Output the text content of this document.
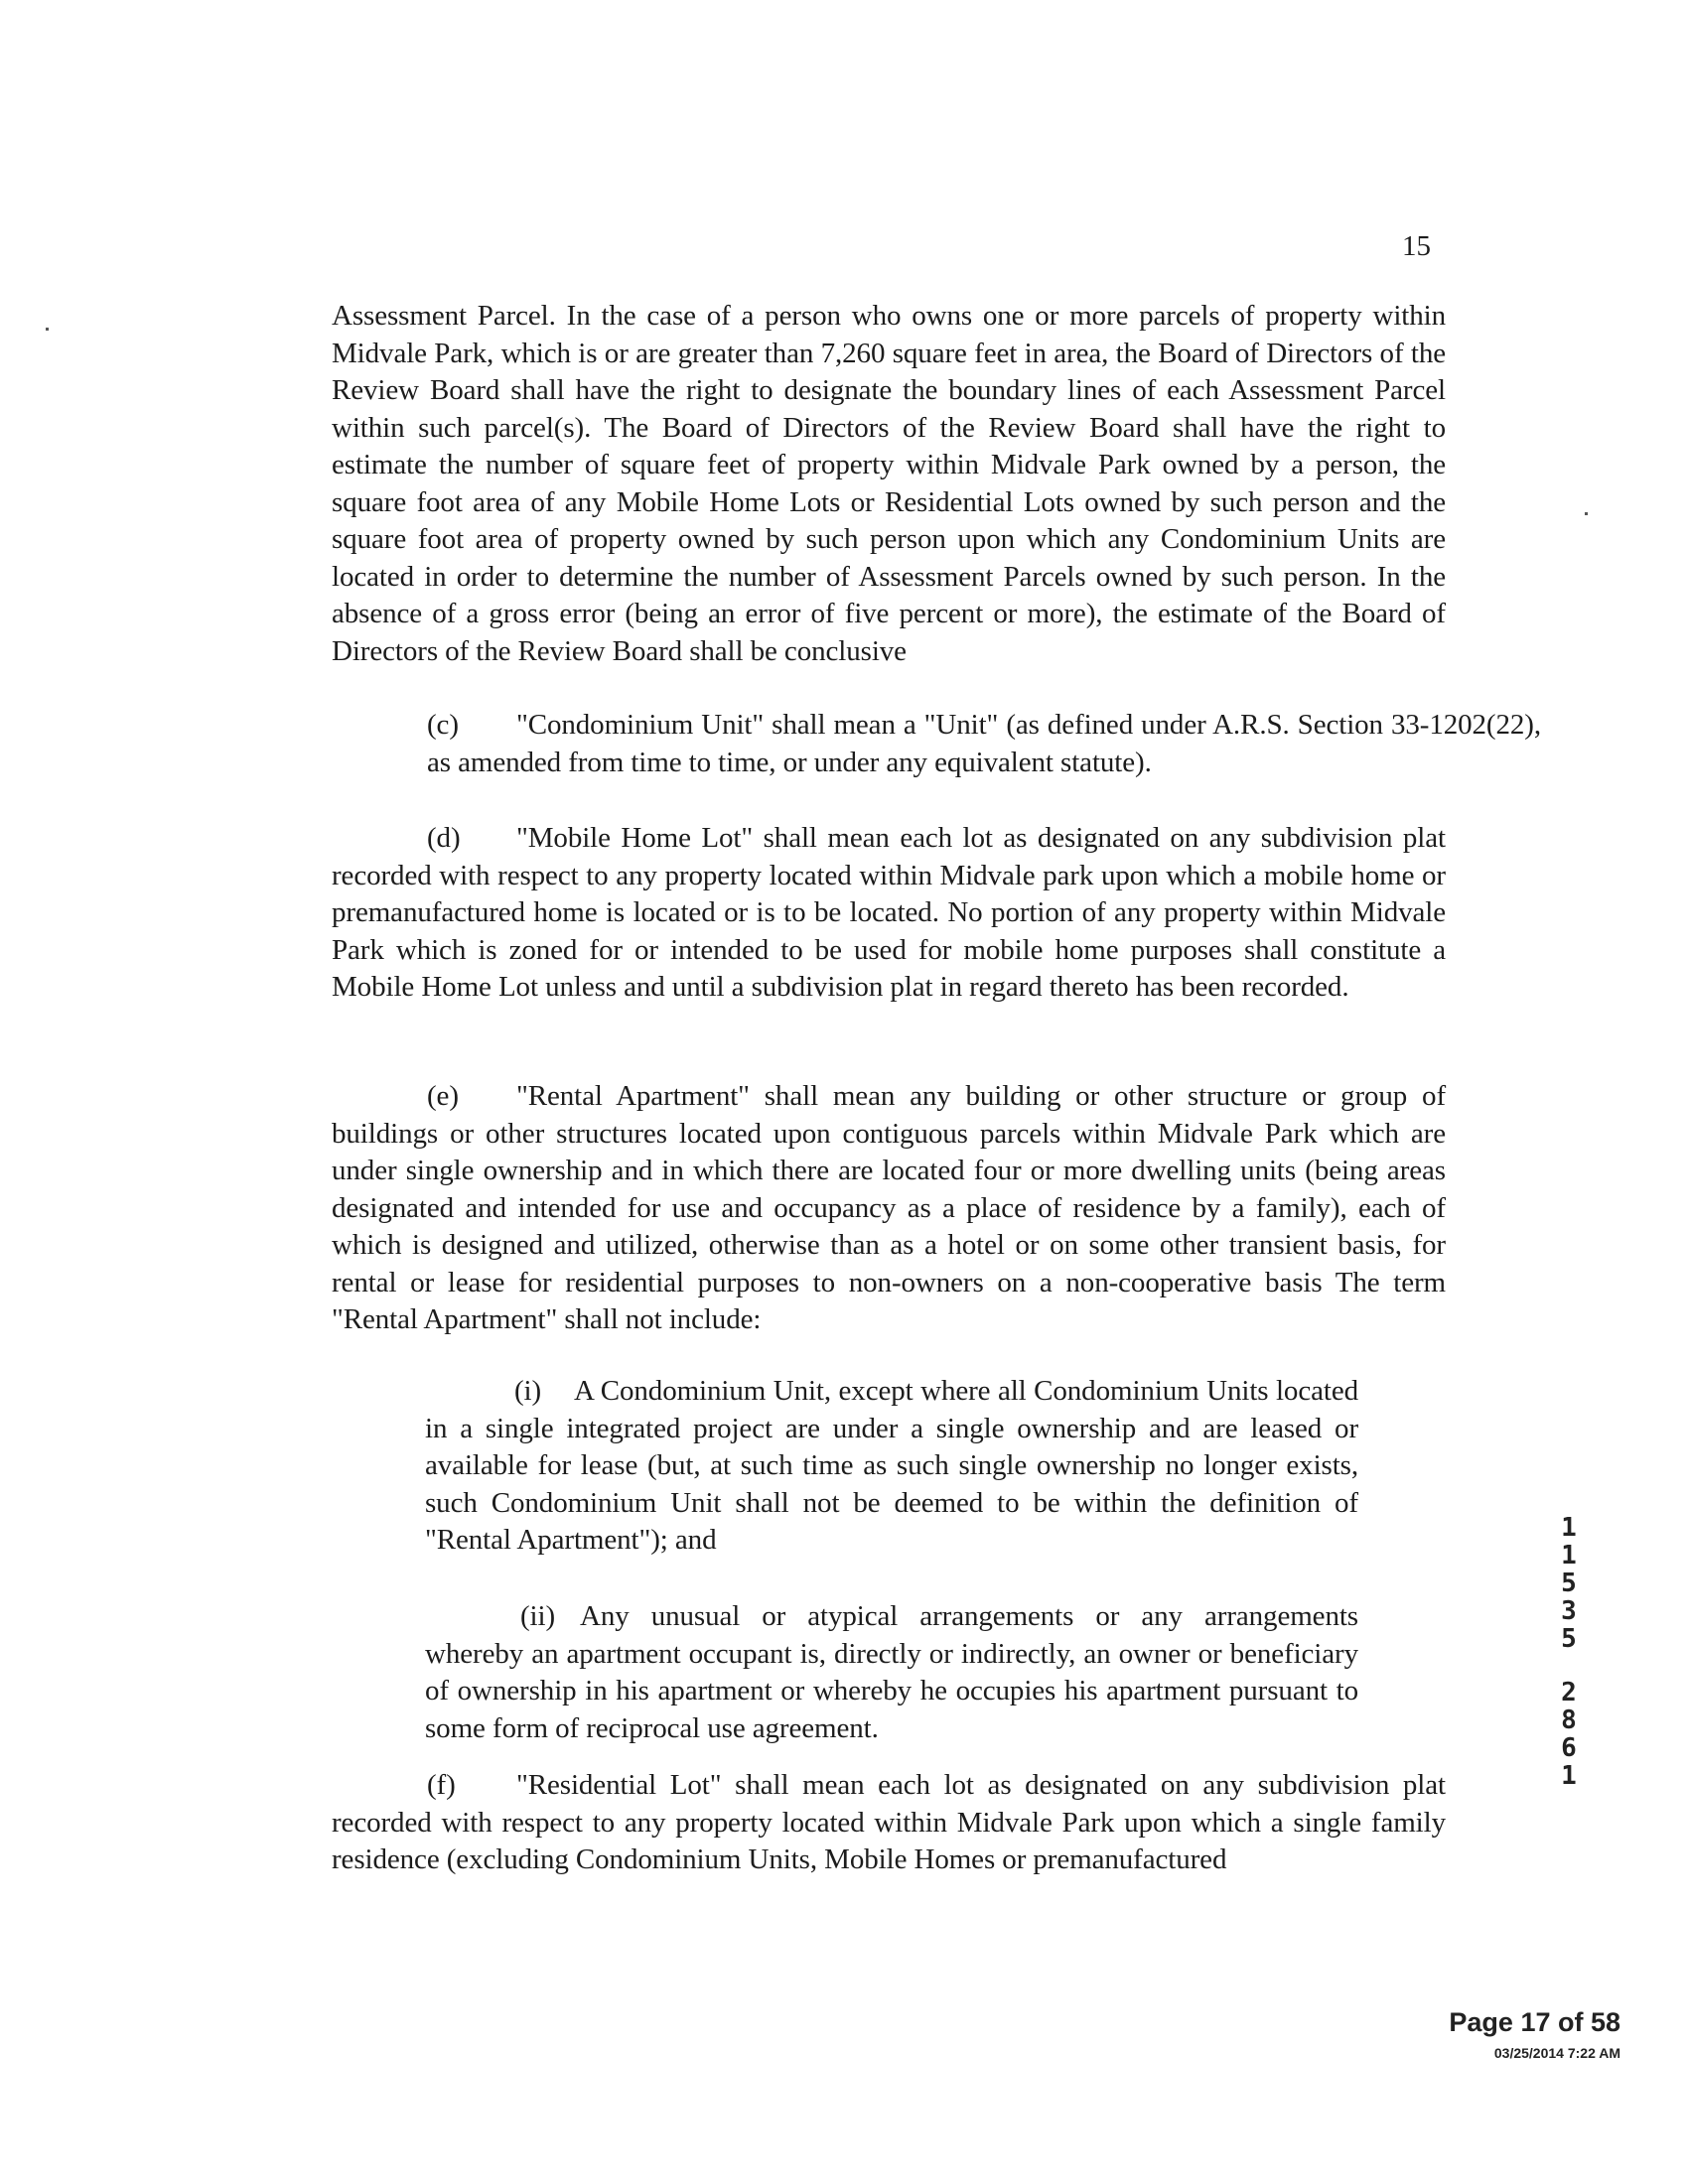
15
Assessment Parcel. In the case of a person who owns one or more parcels of property within Midvale Park, which is or are greater than 7,260 square feet in area, the Board of Directors of the Review Board shall have the right to designate the boundary lines of each Assessment Parcel within such parcel(s). The Board of Directors of the Review Board shall have the right to estimate the number of square feet of property within Midvale Park owned by a person, the square foot area of any Mobile Home Lots or Residential Lots owned by such person and the square foot area of property owned by such person upon which any Condominium Units are located in order to determine the number of Assessment Parcels owned by such person. In the absence of a gross error (being an error of five percent or more), the estimate of the Board of Directors of the Review Board shall be conclusive
(c) "Condominium Unit" shall mean a "Unit" (as defined under A.R.S. Section 33-1202(22), as amended from time to time, or under any equivalent statute).
(d) "Mobile Home Lot" shall mean each lot as designated on any subdivision plat recorded with respect to any property located within Midvale park upon which a mobile home or premanufactured home is located or is to be located. No portion of any property within Midvale Park which is zoned for or intended to be used for mobile home purposes shall constitute a Mobile Home Lot unless and until a subdivision plat in regard thereto has been recorded.
(e) "Rental Apartment" shall mean any building or other structure or group of buildings or other structures located upon contiguous parcels within Midvale Park which are under single ownership and in which there are located four or more dwelling units (being areas designated and intended for use and occupancy as a place of residence by a family), each of which is designed and utilized, otherwise than as a hotel or on some other transient basis, for rental or lease for residential purposes to non-owners on a non-cooperative basis The term "Rental Apartment" shall not include:
(i) A Condominium Unit, except where all Condominium Units located in a single integrated project are under a single ownership and are leased or available for lease (but, at such time as such single ownership no longer exists, such Condominium Unit shall not be deemed to be within the definition of "Rental Apartment"); and
(ii) Any unusual or atypical arrangements or any arrangements whereby an apartment occupant is, directly or indirectly, an owner or beneficiary of ownership in his apartment or whereby he occupies his apartment pursuant to some form of reciprocal use agreement.
(f) "Residential Lot" shall mean each lot as designated on any subdivision plat recorded with respect to any property located within Midvale Park upon which a single family residence (excluding Condominium Units, Mobile Homes or premanufactured
1
1
5
3
5
2
8
6
1
Page 17 of 58
03/25/2014 7:22 AM
